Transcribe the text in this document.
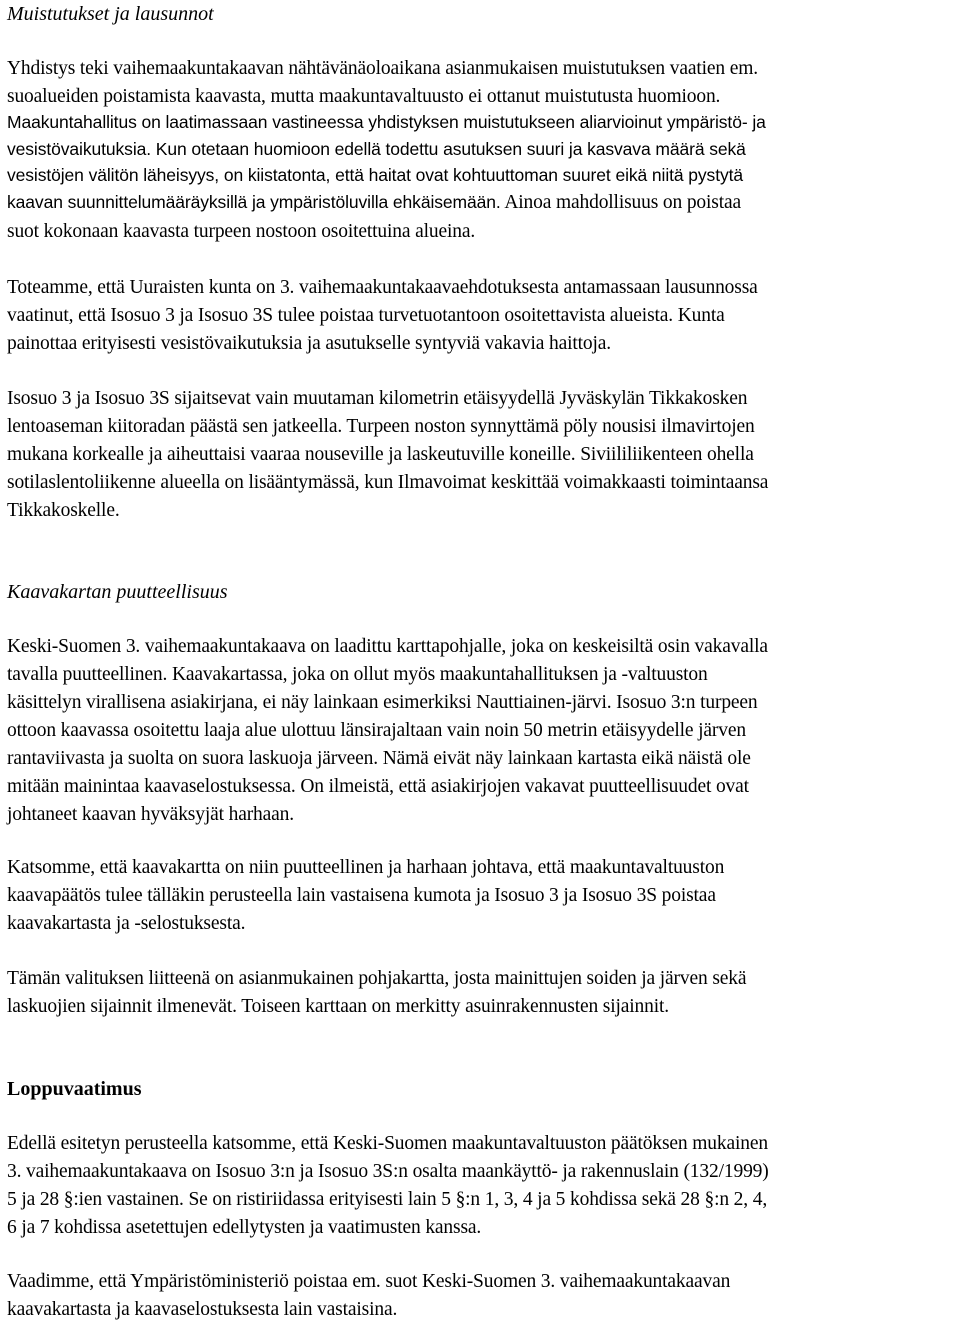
Muistutukset ja lausunnot
Yhdistys teki vaihemaakuntakaavan nähtävänäoloaikana asianmukaisen muistutuksen vaatien em.
suoalueiden poistamista kaavasta, mutta maakuntavaltuusto ei ottanut muistutusta huomioon.
Maakuntahallitus on laatimassaan vastineessa yhdistyksen muistutukseen aliarvioinut ympäristö- ja
vesistövaikutuksia. Kun otetaan huomioon edellä todettu asutuksen suuri ja kasvava määrä sekä
vesistöjen välitön läheisyys, on kiistatonta, että haitat ovat kohtuuttoman suuret eikä niitä pystytä
kaavan suunnittelumääräyksillä ja ympäristöluvilla ehkäisemään. Ainoa mahdollisuus on poistaa
suot kokonaan kaavasta turpeen nostoon osoitettuina alueina.
Toteamme, että Uuraisten kunta on 3. vaihemaakuntakaavaehdotuksesta antamassaan lausunnossa
vaatinut, että Isosuo 3 ja Isosuo 3S tulee poistaa turvetuotantoon osoitettavista alueista. Kunta
painottaa erityisesti vesistövaikutuksia ja asutukselle syntyviä vakavia haittoja.
Isosuo 3 ja Isosuo 3S sijaitsevat vain muutaman kilometrin etäisyydellä Jyväskylän Tikkakosken
lentoaseman kiitoradan päästä sen jatkeella. Turpeen noston synnyttämä pöly nousisi ilmavirtojen
mukana korkealle ja aiheuttaisi vaaraa nouseville ja laskeutuville koneille. Siviililiikenteen ohella
sotilaslentoliikenne alueella on lisääntymässä, kun Ilmavoimat keskittää voimakkaasti toimintaansa
Tikkakoskelle.
Kaavakartan puutteellisuus
Keski-Suomen 3. vaihemaakuntakaava on laadittu karttapohjalle, joka on keskeisiltä osin vakavalla
tavalla puutteellinen. Kaavakartassa, joka on ollut myös maakuntahallituksen ja -valtuuston
käsittelyn virallisena asiakirjana, ei näy lainkaan esimerkiksi Nauttiainen-järvi. Isosuo 3:n turpeen
ottoon kaavassa osoitettu laaja alue ulottuu länsirajaltaan vain noin 50 metrin etäisyydelle järven
rantaviivasta ja suolta on suora laskuoja järveen. Nämä eivät näy lainkaan kartasta eikä näistä ole
mitään mainintaa kaavaselostuksessa. On ilmeistä, että asiakirjojen vakavat puutteellisuudet ovat
johtaneet kaavan hyväksyjät harhaan.
Katsomme, että kaavakartta on niin puutteellinen ja harhaan johtava, että maakuntavaltuuston
kaavapäätös tulee tälläkin perusteella lain vastaisena kumota ja Isosuo 3 ja Isosuo 3S poistaa
kaavakartasta ja -selostuksesta.
Tämän valituksen liitteenä on asianmukainen pohjakartta, josta mainittujen soiden ja järven sekä
laskuojien sijainnit ilmenevät. Toiseen karttaan on merkitty asuinrakennusten sijainnit.
Loppuvaatimus
Edellä esitetyn perusteella katsomme, että Keski-Suomen maakuntavaltuuston päätöksen mukainen
3. vaihemaakuntakaava on Isosuo 3:n ja Isosuo 3S:n osalta maankäyttö- ja rakennuslain (132/1999)
5 ja 28 §:ien vastainen. Se on ristiriidassa erityisesti lain 5 §:n 1, 3, 4 ja 5 kohdissa sekä 28 §:n 2, 4,
6 ja 7 kohdissa asetettujen edellytysten ja vaatimusten kanssa.
Vaadimme, että Ympäristöministeriö poistaa em. suot Keski-Suomen 3. vaihemaakuntakaavan
kaavakartasta ja kaavaselostuksesta lain vastaisina.
